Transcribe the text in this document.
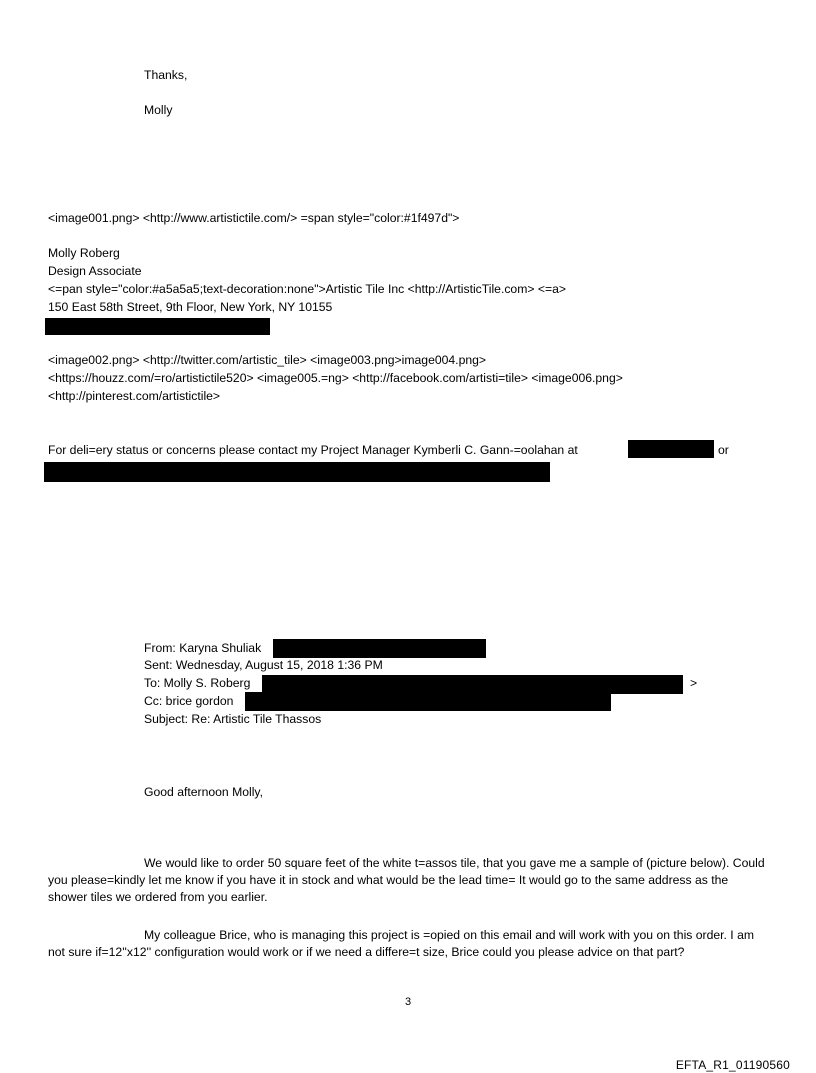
Thanks,
Molly
<image001.png> <http://www.artistictile.com/> =span style="color:#1f497d">
Molly Roberg
Design Associate
<=pan style="color:#a5a5a5;text-decoration:none">Artistic Tile Inc <http://ArtisticTile.com> <=a>
150 East 58th Street, 9th Floor, New York, NY 10155
<image002.png> <http://twitter.com/artistic_tile> <image003.png>image004.png>
<https://houzz.com/=ro/artistictile520> <image005.=ng> <http://facebook.com/artisti=tile> <image006.png>
<http://pinterest.com/artistictile>
For deli=ery status or concerns please contact my Project Manager Kymberli C. Gann-=oolahan at	or
From: Karyna Shuliak
Sent: Wednesday, August 15, 2018 1:36 PM
To: Molly S. Roberg	>
Cc: brice gordon
Subject: Re: Artistic Tile Thassos
Good afternoon Molly,
We would like to order 50 square feet of the white t=assos tile, that you gave me a sample of (picture below). Could you please=kindly let me know if you have it in stock and what would be the lead time= It would go to the same address as the shower tiles we ordered from you earlier.
My colleague Brice, who is managing this project is =opied on this email and will work with you on this order. I am not sure if=12''x12'' configuration would work or if we need a differe=t size, Brice could you please advice on that part?
3
EFTA_R1_01190560
